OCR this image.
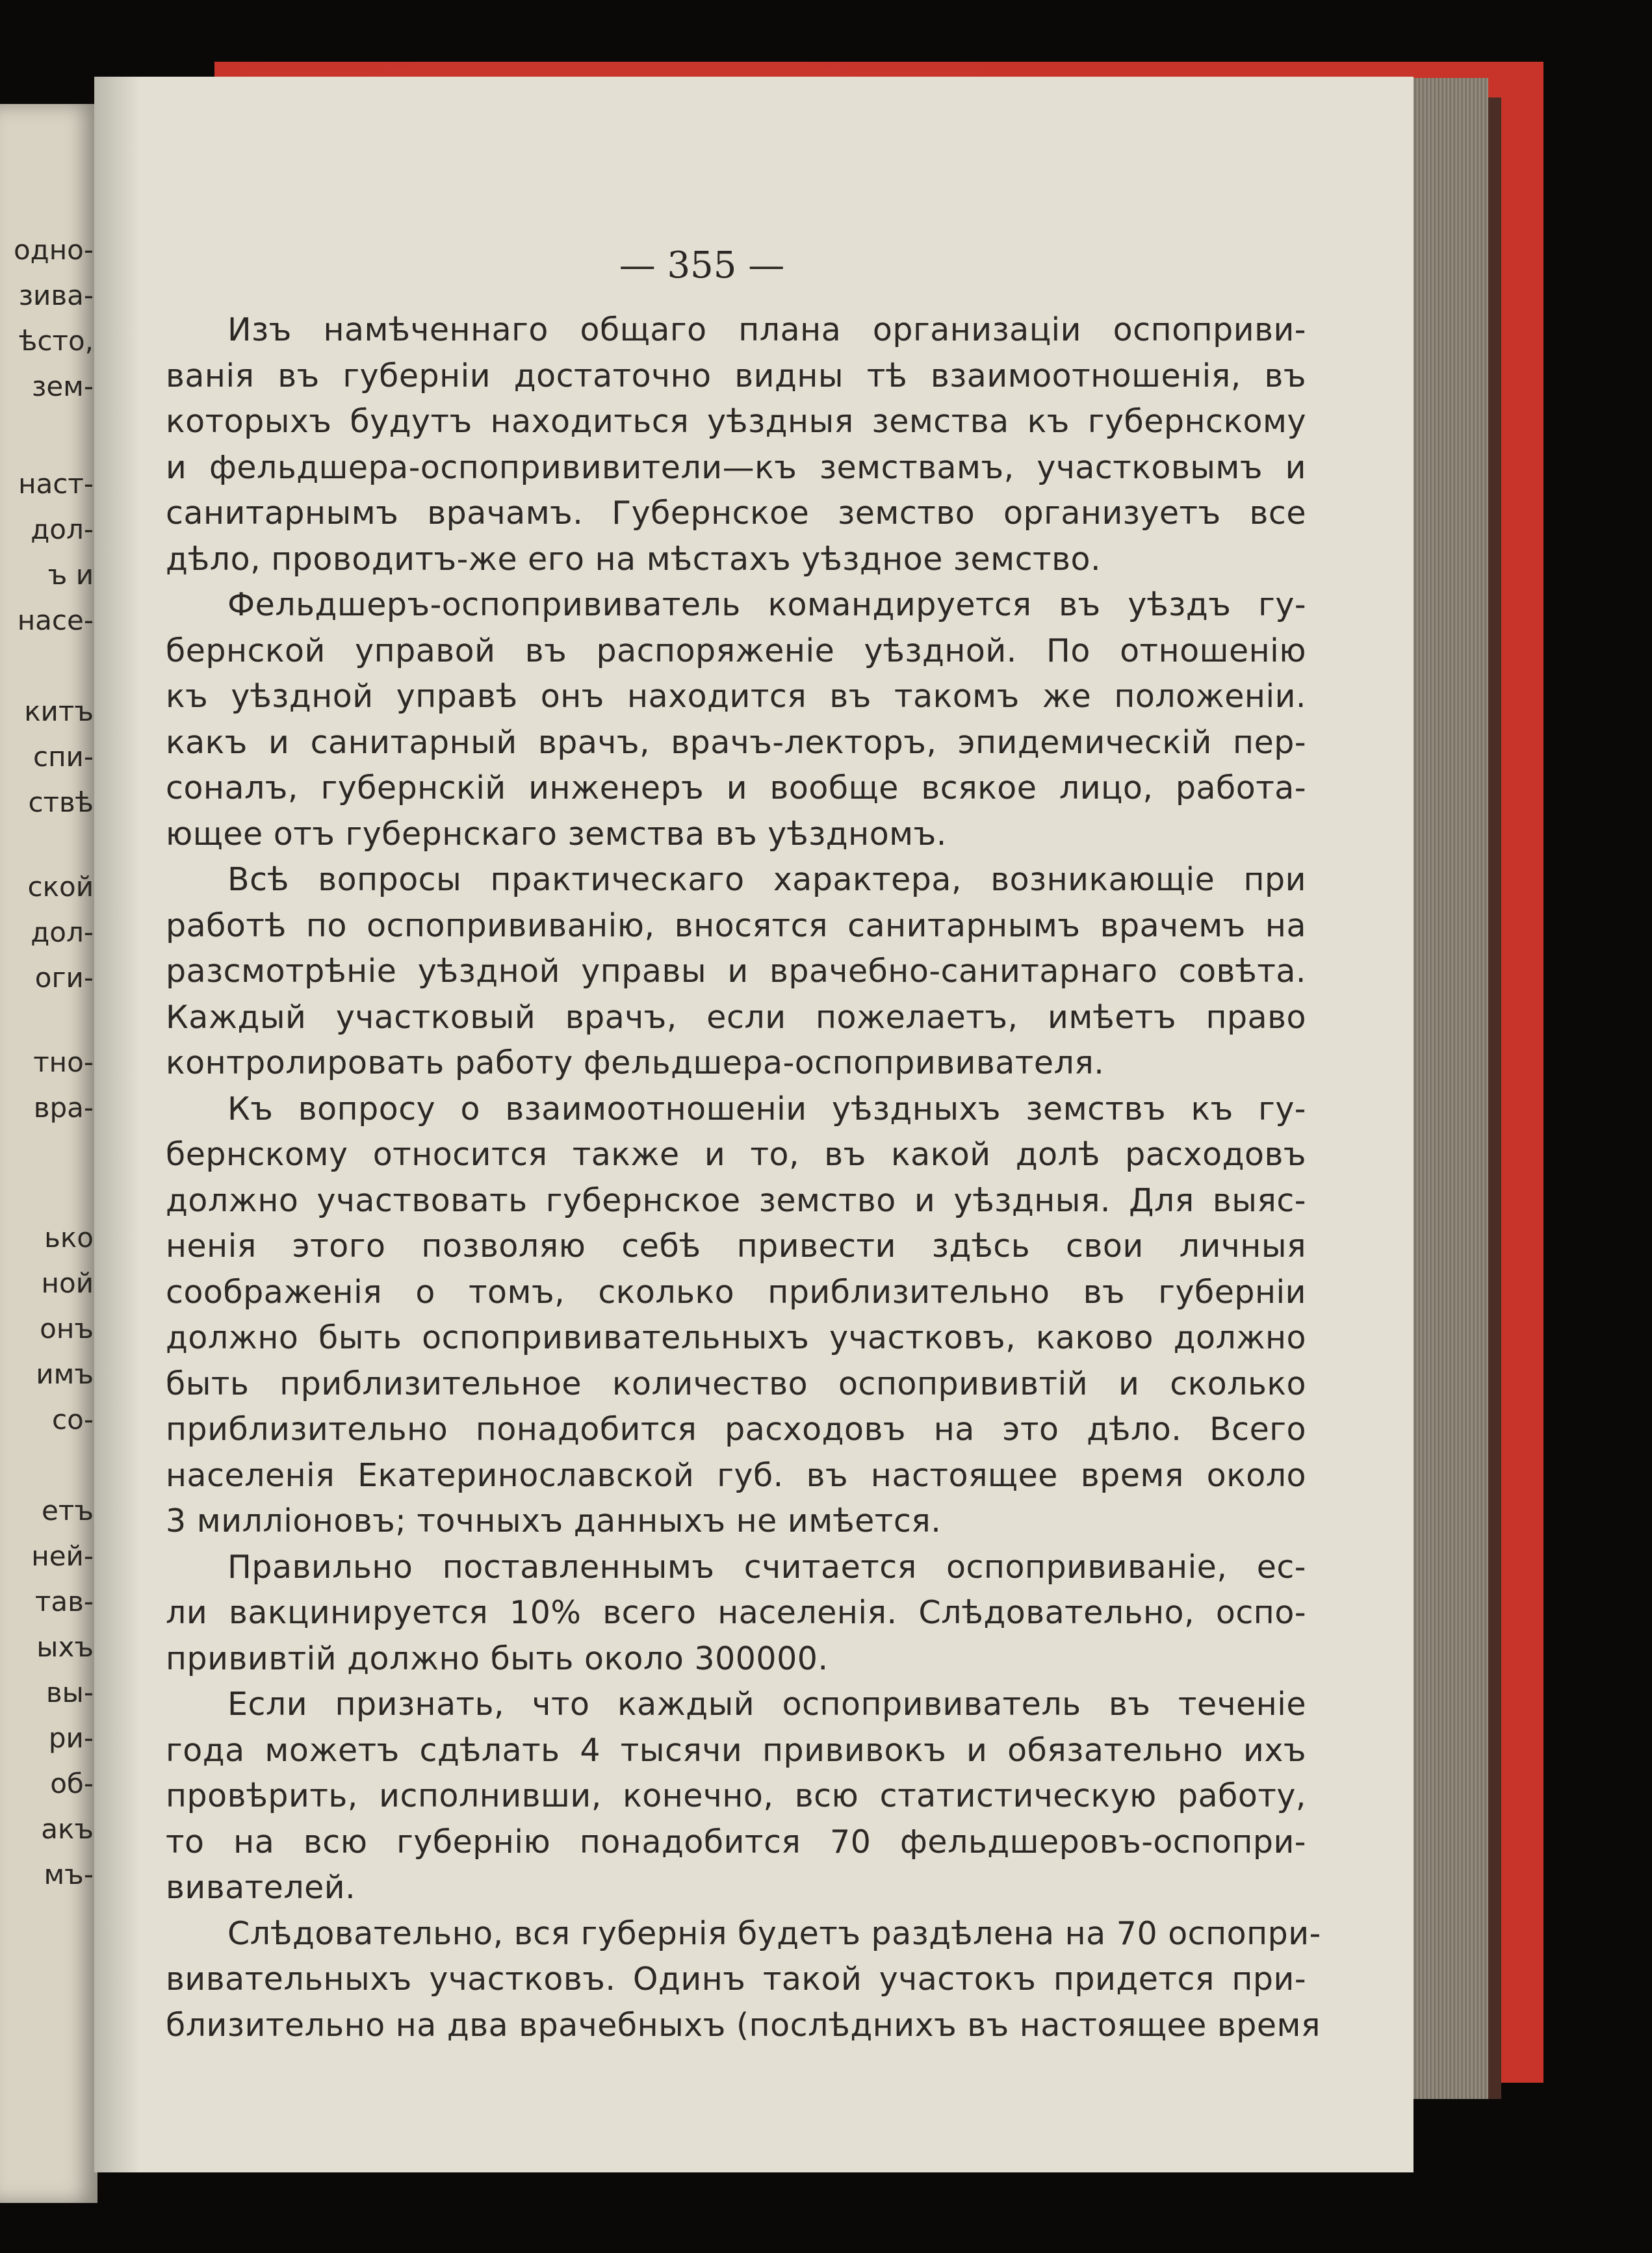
одно-
зива-
ѣсто,
зем-
наст-
дол-
ъ и
насе-
китъ
спи-
ствѣ
ской
дол-
оги-
тно-
вра-
ько
ной
онъ
имъ
со-
етъ
ней-
тав-
ыхъ
вы-
ри-
об-
акъ
мъ-
— 355 —
Изъ намѣченнаго общаго плана организаціи оспоприви-
ванія въ губерніи достаточно видны тѣ взаимоотношенія, въ
которыхъ будутъ находиться уѣздныя земства къ губернскому
и фельдшера-оспопрививители—къ земствамъ, участковымъ и
санитарнымъ врачамъ. Губернское земство организуетъ все
дѣло, проводитъ-же его на мѣстахъ уѣздное земство.
Фельдшеръ-оспопрививатель командируется въ уѣздъ гу-
бернской управой въ распоряженіе уѣздной. По отношенію
къ уѣздной управѣ онъ находится въ такомъ же положеніи.
какъ и санитарный врачъ, врачъ-лекторъ, эпидемическій пер-
соналъ, губернскій инженеръ и вообще всякое лицо, работа-
ющее отъ губернскаго земства въ уѣздномъ.
Всѣ вопросы практическаго характера, возникающіе при
работѣ по оспопрививанію, вносятся санитарнымъ врачемъ на
разсмотрѣніе уѣздной управы и врачебно-санитарнаго совѣта.
Каждый участковый врачъ, если пожелаетъ, имѣетъ право
контролировать работу фельдшера-оспопрививателя.
Къ вопросу о взаимоотношеніи уѣздныхъ земствъ къ гу-
бернскому относится также и то, въ какой долѣ расходовъ
должно участвовать губернское земство и уѣздныя. Для выяс-
ненія этого позволяю себѣ привести здѣсь свои личныя
соображенія о томъ, сколько приблизительно въ губерніи
должно быть оспопрививательныхъ участковъ, каково должно
быть приблизительное количество оспопрививтій и сколько
приблизительно понадобится расходовъ на это дѣло. Всего
населенія Екатеринославской губ. въ настоящее время около
3 милліоновъ; точныхъ данныхъ не имѣется.
Правильно поставленнымъ считается оспопрививаніе, ес-
ли вакцинируется 10% всего населенія. Слѣдовательно, оспо-
прививтій должно быть около 300000.
Если признать, что каждый оспопрививатель въ теченіе
года можетъ сдѣлать 4 тысячи прививокъ и обязательно ихъ
провѣрить, исполнивши, конечно, всю статистическую работу,
то на всю губернію понадобится 70 фельдшеровъ-оспопри-
вивателей.
Слѣдовательно, вся губернія будетъ раздѣлена на 70 оспопри-
вивательныхъ участковъ. Одинъ такой участокъ придется при-
близительно на два врачебныхъ (послѣднихъ въ настоящее время
